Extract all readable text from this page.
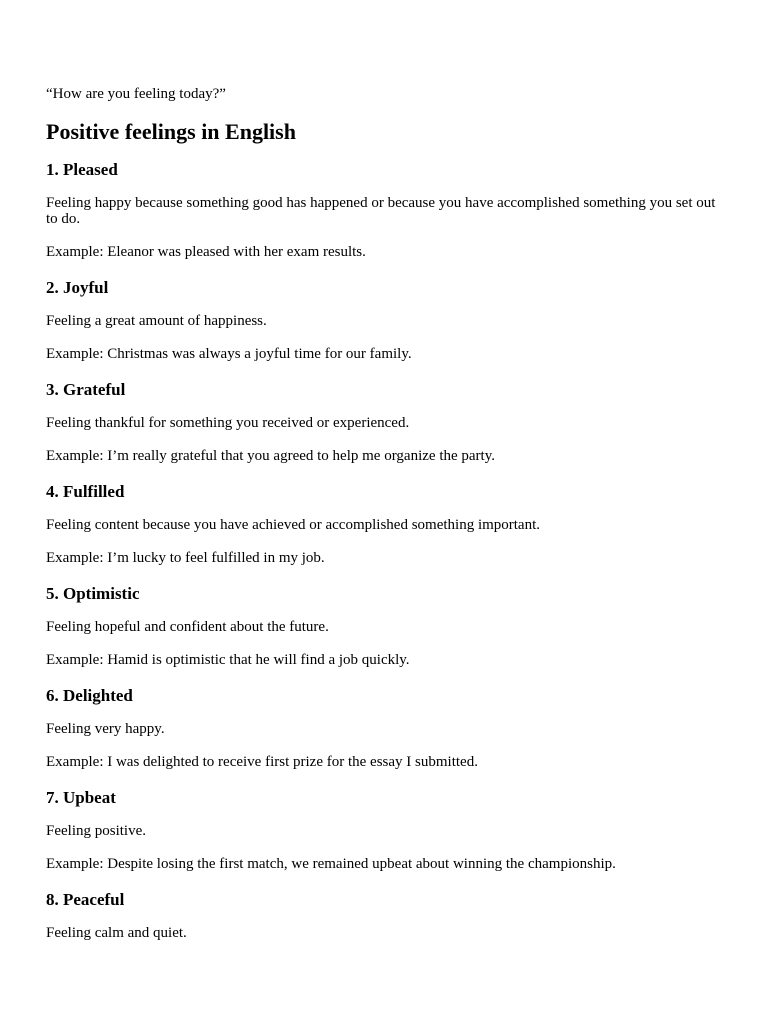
“How are you feeling today?”

Positive feelings in English
1. Pleased

Feeling happy because something good has happened or because you have accomplished something you set out to do.

Example: Eleanor was pleased with her exam results.

2. Joyful

Feeling a great amount of happiness.

Example: Christmas was always a joyful time for our family.

3. Grateful

Feeling thankful for something you received or experienced.

Example: I’m really grateful that you agreed to help me organize the party.

4. Fulfilled

Feeling content because you have achieved or accomplished something important.

Example: I’m lucky to feel fulfilled in my job.

5. Optimistic

Feeling hopeful and confident about the future.

Example: Hamid is optimistic that he will find a job quickly.

6. Delighted

Feeling very happy.

Example: I was delighted to receive first prize for the essay I submitted.

7. Upbeat

Feeling positive.

Example: Despite losing the first match, we remained upbeat about winning the championship.

8. Peaceful

Feeling calm and quiet.
